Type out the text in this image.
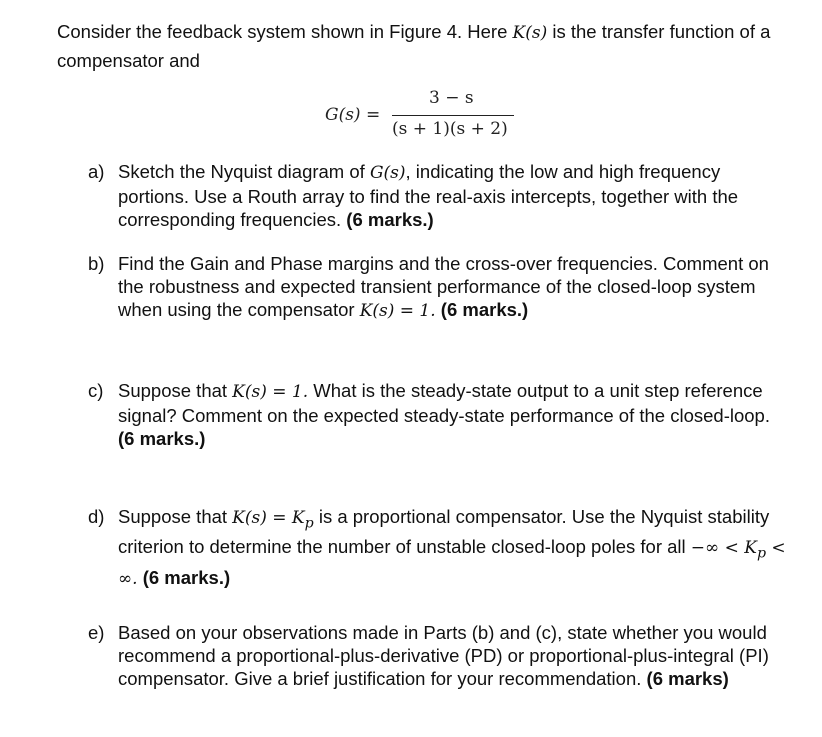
Consider the feedback system shown in Figure 4. Here K(s) is the transfer function of a compensator and
G(s) =
3 − s
(s + 1)(s + 2)
a) Sketch the Nyquist diagram of G(s), indicating the low and high frequency portions. Use a Routh array to find the real-axis intercepts, together with the corresponding frequencies. (6 marks.)
b) Find the Gain and Phase margins and the cross-over frequencies. Comment on the robustness and expected transient performance of the closed-loop system when using the compensator K(s) = 1. (6 marks.)
c) Suppose that K(s) = 1. What is the steady-state output to a unit step reference signal? Comment on the expected steady-state performance of the closed-loop. (6 marks.)
d) Suppose that $K(s) = K_p$ is a proportional compensator. Use the Nyquist stability criterion to determine the number of unstable closed-loop poles for all −∞ < $K_p$ < ∞. (6 marks.)
e) Based on your observations made in Parts (b) and (c), state whether you would recommend a proportional-plus-derivative (PD) or proportional-plus-integral (PI) compensator. Give a brief justification for your recommendation. (6 marks)
